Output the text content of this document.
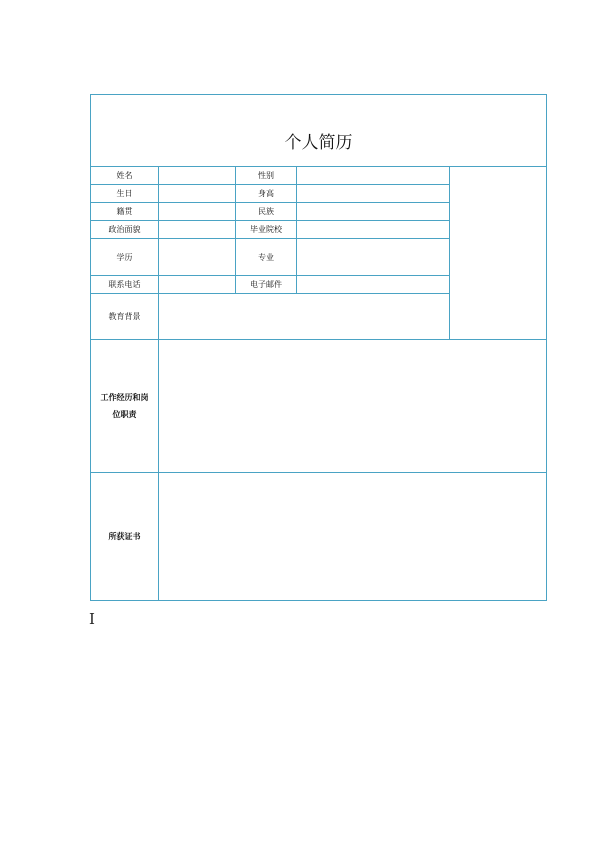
个人简历				
姓名		性别		
生日		身高		
籍贯		民族		
政治面貌		毕业院校		
学历		专业		
联系电话		电子邮件		
教育背景				
工作经历和岗位职责				
所获证书				
I
